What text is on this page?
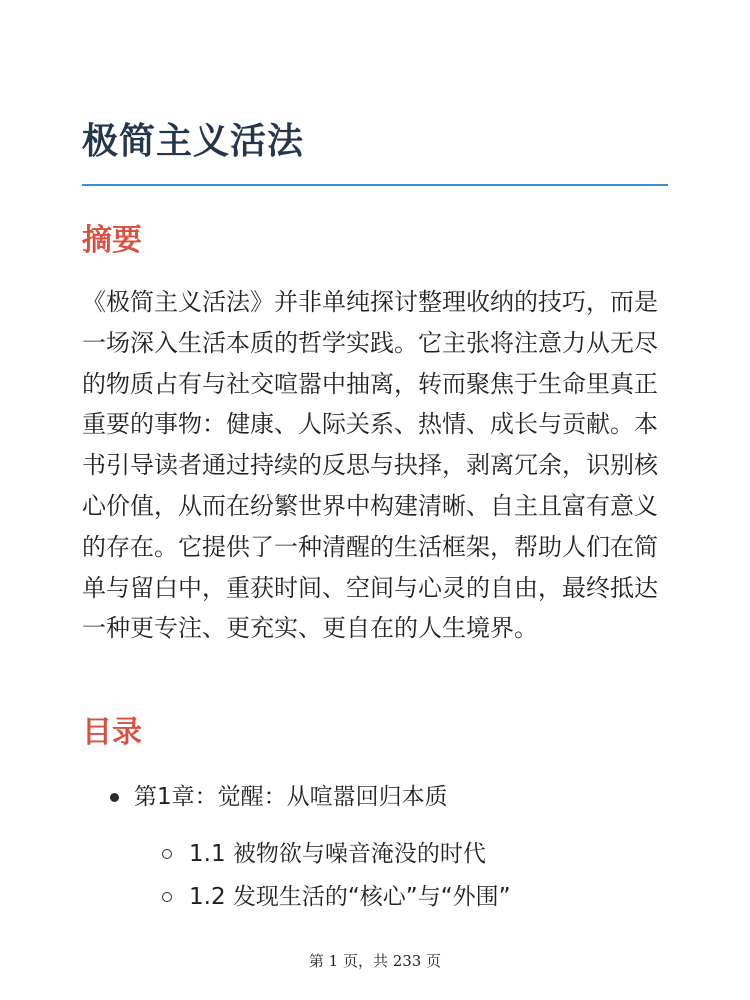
极简主义活法
摘要

《极简主义活法》并非单纯探讨整理收纳的技巧，而是一场深入生活本质的哲学实践。它主张将注意力从无尽的物质占有与社交喧嚣中抽离，转而聚焦于生命里真正重要的事物：健康、人际关系、热情、成长与贡献。本书引导读者通过持续的反思与抉择，剥离冗余，识别核心价值，从而在纷繁世界中构建清晰、自主且富有意义的存在。它提供了一种清醒的生活框架，帮助人们在简单与留白中，重获时间、空间与心灵的自由，最终抵达一种更专注、更充实、更自在的人生境界。

目录
第1章：觉醒：从喧嚣回归本质
1.1 被物欲与噪音淹没的时代
1.2 发现生活的“核心”与“外围”
第 1 页，共 233 页
